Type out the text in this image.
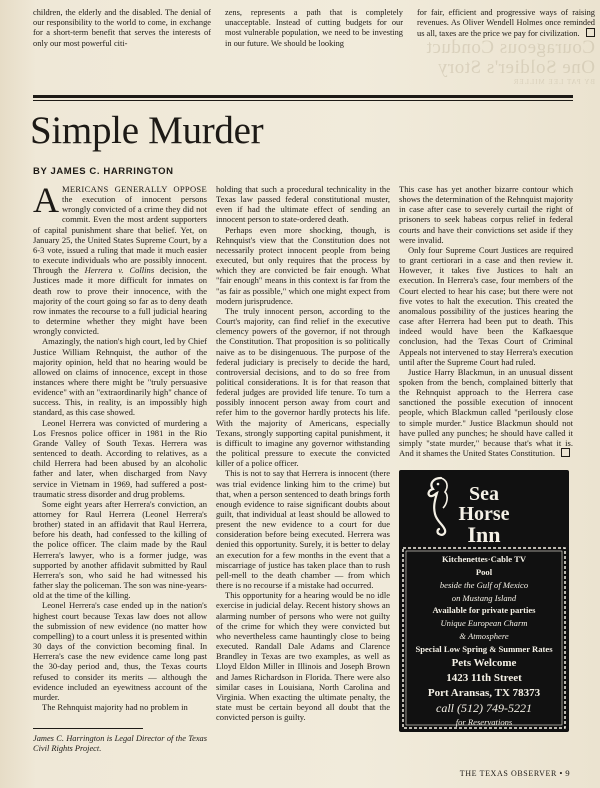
children, the elderly and the disabled. The denial of our responsibility to the world to come, in exchange for a short-term benefit that serves the interests of only our most powerful citi-

zens, represents a path that is completely unacceptable. Instead of cutting budgets for our most vulnerable population, we need to be investing in our future. We should be looking

for fair, efficient and progressive ways of raising revenues. As Oliver Wendell Holmes once reminded us all, taxes are the price we pay for civilization.

Courageous Conduct
One Soldier's Story
BY PAT LEE MILLER
Simple Murder
BY JAMES C. HARRINGTON

AMERICANS GENERALLY OPPOSE the execution of innocent persons wrongly convicted of a crime they did not commit. Even the most ardent supporters of capital punishment share that belief. Yet, on January 25, the United States Supreme Court, by a 6-3 vote, issued a ruling that made it much easier to execute individuals who are possibly innocent. Through the Herrera v. Collins decision, the Justices made it more difficult for inmates on death row to prove their innocence, with the majority of the court going so far as to deny death row inmates the recourse to a full judicial hearing to determine whether they might have been wrongly convicted.

Amazingly, the nation's high court, led by Chief Justice William Rehnquist, the author of the majority opinion, held that no hearing would be allowed on claims of innocence, except in those instances where there might be "truly persuasive evidence" with an "extraordinarily high" chance of success. This, in reality, is an impossibly high standard, as this case showed.

Leonel Herrera was convicted of murdering a Los Fresnos police officer in 1981 in the Rio Grande Valley of South Texas. Herrera was sentenced to death. According to relatives, as a child Herrera had been abused by an alcoholic father and later, when discharged from Navy service in Vietnam in 1969, had suffered a post-traumatic stress disorder and drug problems.

Some eight years after Herrera's conviction, an attorney for Raul Herrera (Leonel Herrera's brother) stated in an affidavit that Raul Herrera, before his death, had confessed to the killing of the police officer. The claim made by the Raul Herrera's lawyer, who is a former judge, was supported by another affidavit submitted by Raul Herrera's son, who said he had witnessed his father slay the policeman. The son was nine-years-old at the time of the killing.

Leonel Herrera's case ended up in the nation's highest court because Texas law does not allow the submission of new evidence (no matter how compelling) to a court unless it is presented within 30 days of the conviction becoming final. In Herrera's case the new evidence came long past the 30-day period and, thus, the Texas courts refused to consider its merits — although the evidence included an eyewitness account of the murder.

The Rehnquist majority had no problem in

James C. Harrington is Legal Director of the Texas Civil Rights Project.

holding that such a procedural technicality in the Texas law passed federal constitutional muster, even if had the ultimate effect of sending an innocent person to state-ordered death.

Perhaps even more shocking, though, is Rehnquist's view that the Constitution does not necessarily protect innocent people from being executed, but only requires that the process by which they are convicted be fair enough. What "fair enough" means in this context is far from the "as fair as possible," which one might expect from modern jurisprudence.

The truly innocent person, according to the Court's majority, can find relief in the executive clemency powers of the governor, if not through the Constitution. That proposition is so politically naive as to be disingenuous. The purpose of the federal judiciary is precisely to decide the hard, controversial decisions, and to do so free from political considerations. It is for that reason that federal judges are provided life tenure. To turn a possibly innocent person away from court and refer him to the governor hardly protects his life. With the majority of Americans, especially Texans, strongly supporting capital punishment, it is difficult to imagine any governor withstanding the political pressure to execute the convicted killer of a police officer.

This is not to say that Herrera is innocent (there was trial evidence linking him to the crime) but that, when a person sentenced to death brings forth enough evidence to raise significant doubts about guilt, that individual at least should be allowed to present the new evidence to a court for due consideration before being executed. Herrera was denied this opportunity. Surely, it is better to delay an execution for a few months in the event that a miscarriage of justice has taken place than to rush pell-mell to the death chamber — from which there is no recourse if a mistake had occurred.

This opportunity for a hearing would be no idle exercise in judicial delay. Recent history shows an alarming number of persons who were not guilty of the crime for which they were convicted but who nevertheless came hauntingly close to being executed. Randall Dale Adams and Clarence Brandley in Texas are two examples, as well as Lloyd Eldon Miller in Illinois and Joseph Brown and James Richardson in Florida. There were also similar cases in Louisiana, North Carolina and Virginia. When exacting the ultimate penalty, the state must be certain beyond all doubt that the convicted person is guilty.

This case has yet another bizarre contour which shows the determination of the Rehnquist majority in case after case to severely curtail the right of prisoners to seek habeas corpus relief in federal courts and have their convictions set aside if they were invalid.

Only four Supreme Court Justices are required to grant certiorari in a case and then review it. However, it takes five Justices to halt an execution. In Herrera's case, four members of the Court elected to hear his case; but there were not five votes to halt the execution. This created the anomalous possibility of the justices hearing the case after Herrera had been put to death. This indeed would have been the Kafkaesque conclusion, had the Texas Court of Criminal Appeals not intervened to stay Herrera's execution until after the Supreme Court had ruled.

Justice Harry Blackmun, in an unusual dissent spoken from the bench, complained bitterly that the Rehnquist approach to the Herrera case sanctioned the possible execution of innocent people, which Blackmun called "perilously close to simple murder." Justice Blackmun should not have pulled any punches; he should have called it simply "state murder," because that's what it is. And it shames the United States Constitution.

Sea
Horse
Inn
Kitchenettes·Cable TV
Pool
beside the Gulf of Mexico
on Mustang Island
Available for private parties
Unique European Charm
& Atmosphere
Special Low Spring & Summer Rates
Pets Welcome
1423 11th Street
Port Aransas, TX 78373
call (512) 749-5221
for Reservations
THE TEXAS OBSERVER • 9
